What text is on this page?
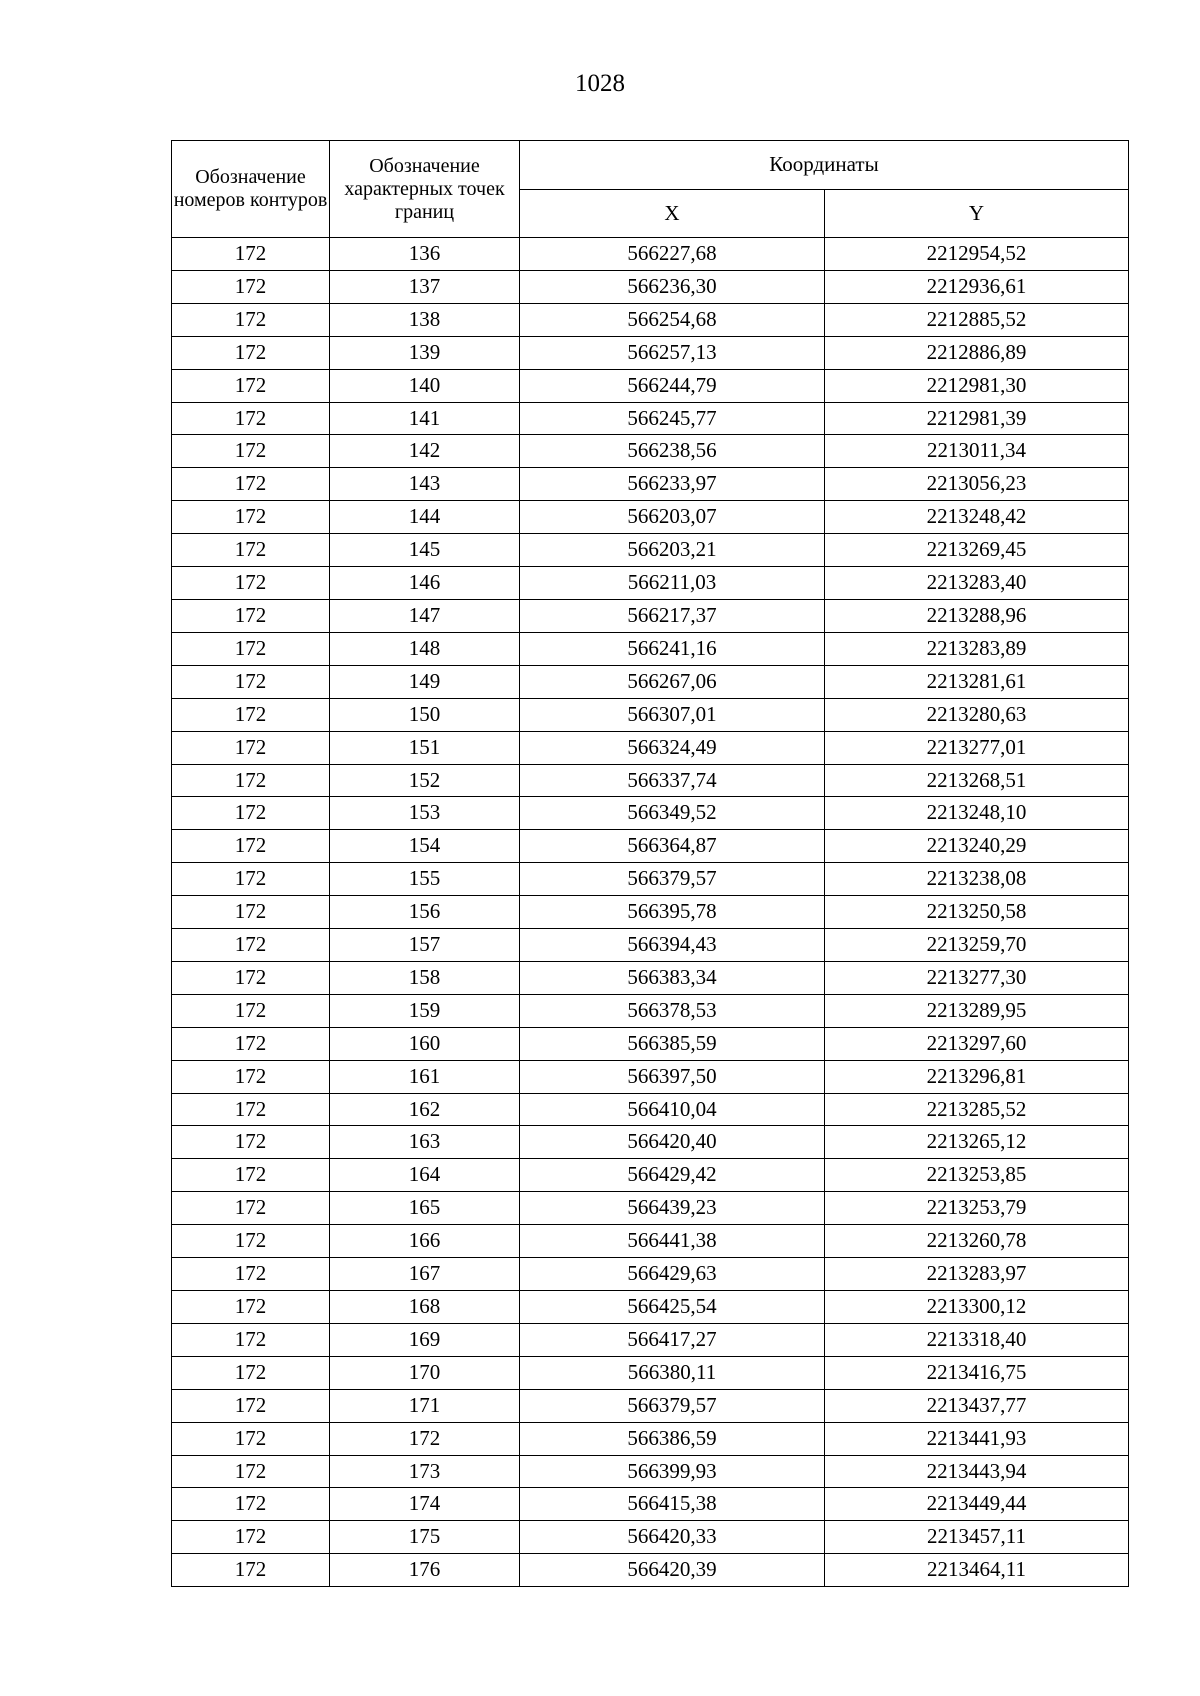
1028
Обозначение номеров контуров	Обозначение характерных точек границ	Координаты	
		X	Y
172	136	566227,68	2212954,52
172	137	566236,30	2212936,61
172	138	566254,68	2212885,52
172	139	566257,13	2212886,89
172	140	566244,79	2212981,30
172	141	566245,77	2212981,39
172	142	566238,56	2213011,34
172	143	566233,97	2213056,23
172	144	566203,07	2213248,42
172	145	566203,21	2213269,45
172	146	566211,03	2213283,40
172	147	566217,37	2213288,96
172	148	566241,16	2213283,89
172	149	566267,06	2213281,61
172	150	566307,01	2213280,63
172	151	566324,49	2213277,01
172	152	566337,74	2213268,51
172	153	566349,52	2213248,10
172	154	566364,87	2213240,29
172	155	566379,57	2213238,08
172	156	566395,78	2213250,58
172	157	566394,43	2213259,70
172	158	566383,34	2213277,30
172	159	566378,53	2213289,95
172	160	566385,59	2213297,60
172	161	566397,50	2213296,81
172	162	566410,04	2213285,52
172	163	566420,40	2213265,12
172	164	566429,42	2213253,85
172	165	566439,23	2213253,79
172	166	566441,38	2213260,78
172	167	566429,63	2213283,97
172	168	566425,54	2213300,12
172	169	566417,27	2213318,40
172	170	566380,11	2213416,75
172	171	566379,57	2213437,77
172	172	566386,59	2213441,93
172	173	566399,93	2213443,94
172	174	566415,38	2213449,44
172	175	566420,33	2213457,11
172	176	566420,39	2213464,11
